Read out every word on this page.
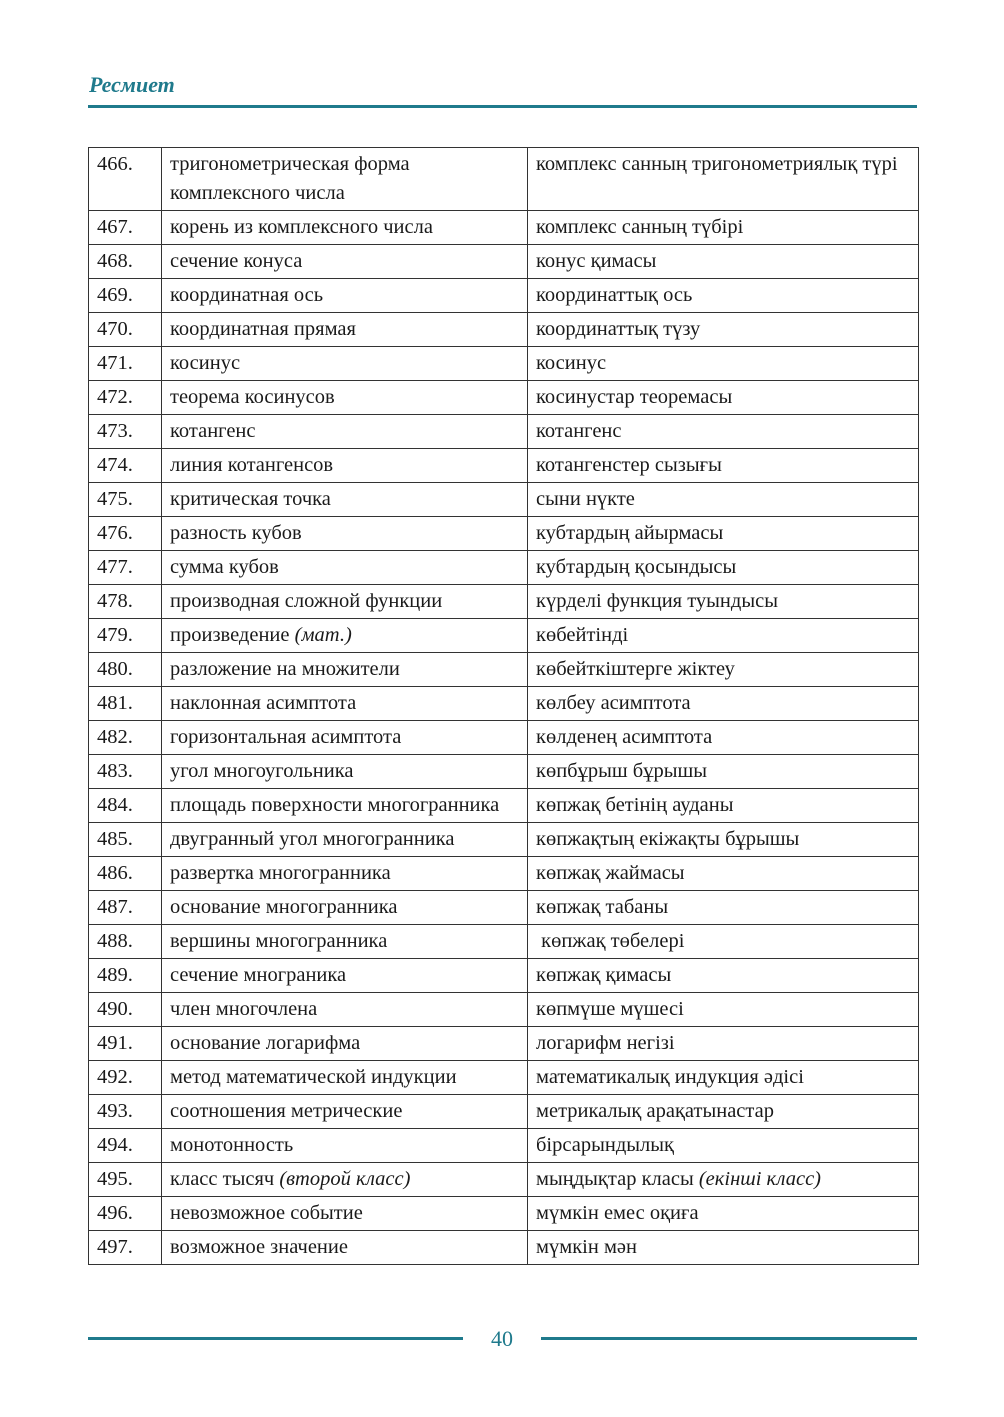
Ресмиет
466.	тригонометрическая форма комплексного числа	комплекс санның тригонометриялық түрі
467.	корень из комплексного числа	комплекс санның түбірі
468.	сечение конуса	конус қимасы
469.	координатная ось	координаттық ось
470.	координатная прямая	координаттық түзу
471.	косинус	косинус
472.	теорема косинусов	косинустар теоремасы
473.	котангенс	котангенс
474.	линия котангенсов	котангенстер сызығы
475.	критическая точка	сыни нүкте
476.	разность кубов	кубтардың айырмасы
477.	сумма кубов	кубтардың қосындысы
478.	производная сложной функции	күрделі функция туындысы
479.	произведение (мат.)	көбейтінді
480.	разложение на множители	көбейткіштерге жіктеу
481.	наклонная асимптота	көлбеу асимптота
482.	горизонтальная асимптота	көлденең асимптота
483.	угол многоугольника	көпбұрыш бұрышы
484.	площадь поверхности многогранника	көпжақ бетінің ауданы
485.	двугранный угол многогранника	көпжақтың екіжақты бұрышы
486.	развертка многогранника	көпжақ жаймасы
487.	основание многогранника	көпжақ табаны
488.	вершины многогранника	көпжақ төбелері
489.	сечение многраника	көпжақ қимасы
490.	член многочлена	көпмүше мүшесі
491.	основание логарифма	логарифм негізі
492.	метод математической индукции	математикалық индукция әдісі
493.	соотношения метрические	метрикалық арақатынастар
494.	монотонность	бірсарындылық
495.	класс тысяч (второй класс)	мыңдықтар класы (екінші класс)
496.	невозможное событие	мүмкін емес оқиға
497.	возможное значение	мүмкін мән
40
